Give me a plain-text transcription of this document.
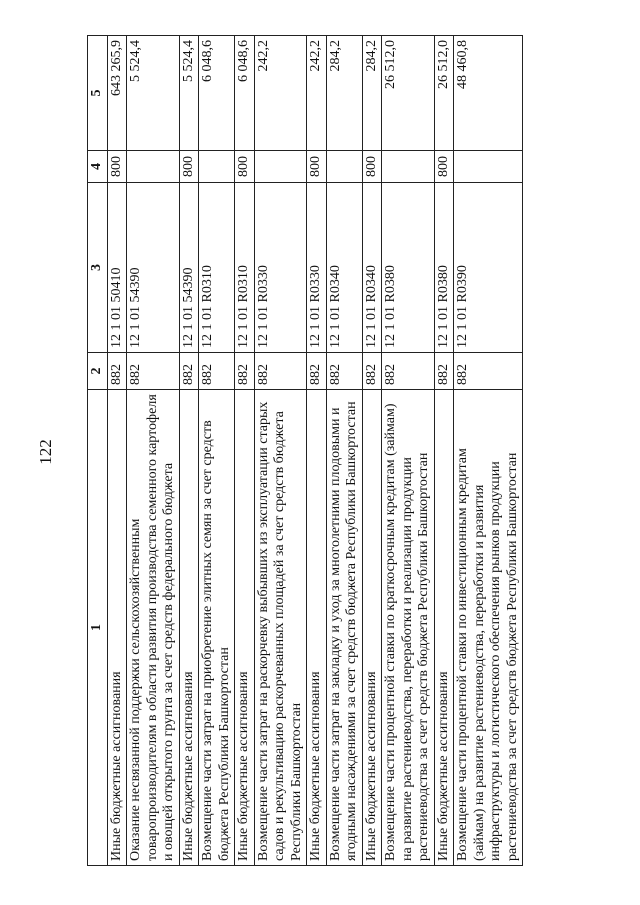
122
1	2	3	4	5
Иные бюджетные ассигнования	882	12 1 01 50410	800	643 265,9
Оказание несвязанной поддержки сельскохозяйственным товаропроизводителям в области развития производства семенного картофеля и овощей открытого грунта за счет средств федерального бюджета	882	12 1 01 54390		5 524,4
Иные бюджетные ассигнования	882	12 1 01 54390	800	5 524,4
Возмещение части затрат на приобретение элитных семян за счет средств бюджета Республики Башкортостан	882	12 1 01 R0310		6 048,6
Иные бюджетные ассигнования	882	12 1 01 R0310	800	6 048,6
Возмещение части затрат на раскорчевку выбывших из эксплуатации старых садов и рекультивацию раскорчеванных площадей за счет средств бюджета Республики Башкортостан	882	12 1 01 R0330		242,2
Иные бюджетные ассигнования	882	12 1 01 R0330	800	242,2
Возмещение части затрат на закладку и уход за многолетними плодовыми и ягодными насаждениями за счет средств бюджета Республики Башкортостан	882	12 1 01 R0340		284,2
Иные бюджетные ассигнования	882	12 1 01 R0340	800	284,2
Возмещение части процентной ставки по краткосрочным кредитам (займам) на развитие растениеводства, переработки и реализации продукции растениеводства за счет средств бюджета Республики Башкортостан	882	12 1 01 R0380		26 512,0
Иные бюджетные ассигнования	882	12 1 01 R0380	800	26 512,0
Возмещение части процентной ставки по инвестиционным кредитам (займам) на развитие растениеводства, переработки и развития инфраструктуры и логистического обеспечения рынков продукции растениеводства за счет средств бюджета Республики Башкортостан	882	12 1 01 R0390		48 460,8
